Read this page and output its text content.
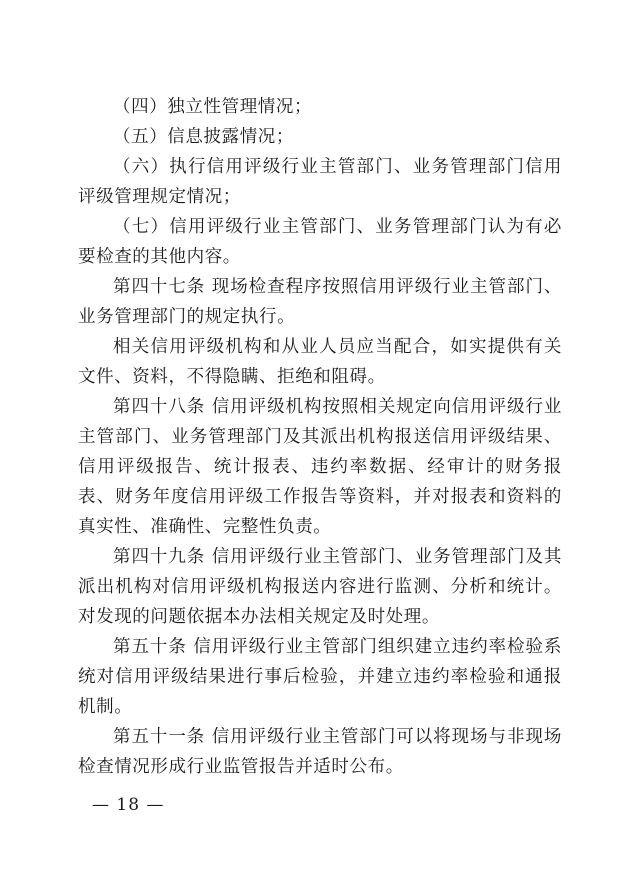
（四）独立性管理情况；

（五）信息披露情况；

（六）执行信用评级行业主管部门、业务管理部门信用评级管理规定情况；

（七）信用评级行业主管部门、业务管理部门认为有必要检查的其他内容。

第四十七条 现场检查程序按照信用评级行业主管部门、业务管理部门的规定执行。

相关信用评级机构和从业人员应当配合，如实提供有关文件、资料，不得隐瞒、拒绝和阻碍。

第四十八条 信用评级机构按照相关规定向信用评级行业主管部门、业务管理部门及其派出机构报送信用评级结果、信用评级报告、统计报表、违约率数据、经审计的财务报表、财务年度信用评级工作报告等资料，并对报表和资料的真实性、准确性、完整性负责。

第四十九条 信用评级行业主管部门、业务管理部门及其派出机构对信用评级机构报送内容进行监测、分析和统计。对发现的问题依据本办法相关规定及时处理。

第五十条 信用评级行业主管部门组织建立违约率检验系统对信用评级结果进行事后检验，并建立违约率检验和通报机制。

第五十一条 信用评级行业主管部门可以将现场与非现场检查情况形成行业监管报告并适时公布。

— 18 —
